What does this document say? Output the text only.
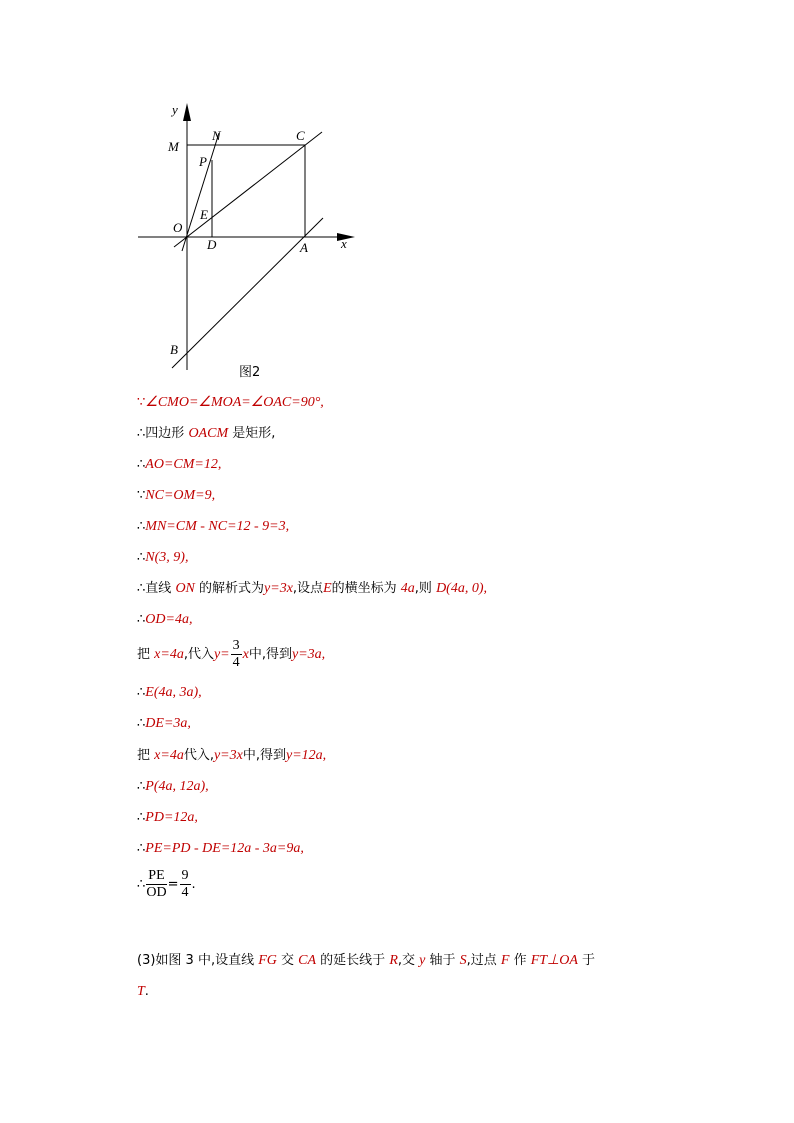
y
x
M
N	C
P
E
O
D	A
B
图2
∵∠CMO=∠MOA=∠OAC=90°,
∴四边形 OACM 是矩形,
∴AO=CM=12,
∵NC=OM=9,
∴MN=CM - NC=12 - 9=3,
∴N(3, 9),
∴直线 ON 的解析式为y=3x,设点E的横坐标为 4a,则 D(4a, 0),
∴OD=4a,
把 x=4a,代入$y= \frac{3}{4}$ x中,得到y=3a,
∴E(4a, 3a),
∴DE=3a,
把 x=4a代入,y=3x中,得到y=12a,
∴P(4a, 12a),
∴PD=12a,
∴PE=PD - DE=12a - 3a=9a,
∴ $\frac{PE}{OD} = \frac{9}{4}$ .
(3)如图 3 中,设直线 FG 交 CA 的延长线于 R,交 y 轴于 S,过点 F 作 FT⊥OA 于
T.
